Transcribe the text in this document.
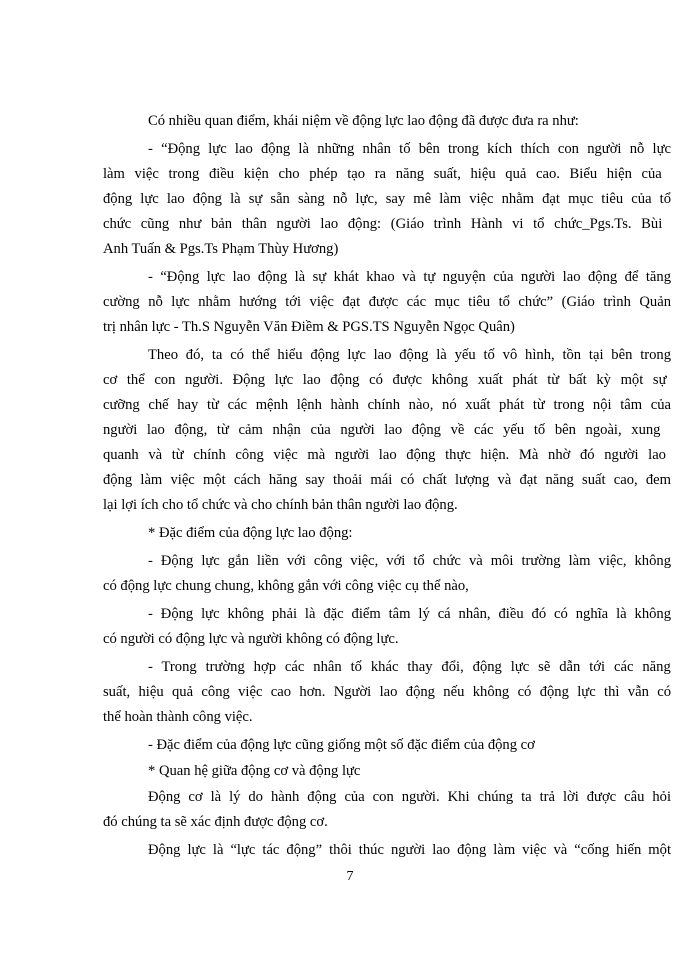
Có nhiều quan điểm, khái niệm về động lực lao động đã được đưa ra như:
- “Động lực lao động là những nhân tố bên trong kích thích con người nỗ lực
làm việc trong điều kiện cho phép tạo ra năng suất, hiệu quả cao. Biểu hiện của
động lực lao động là sự sẵn sàng nỗ lực, say mê làm việc nhằm đạt mục tiêu của tổ
chức cũng như bản thân người lao động: (Giáo trình Hành vi tổ chức_Pgs.Ts. Bùi
Anh Tuấn & Pgs.Ts Phạm Thùy Hương)
- “Động lực lao động là sự khát khao và tự nguyện của người lao động để tăng
cường nỗ lực nhằm hướng tới việc đạt được các mục tiêu tổ chức” (Giáo trình Quản
trị nhân lực - Th.S Nguyễn Văn Điềm & PGS.TS Nguyễn Ngọc Quân)
Theo đó, ta có thể hiểu động lực lao động là yếu tố vô hình, tồn tại bên trong
cơ thể con người. Động lực lao động có được không xuất phát từ bất kỳ một sự
cưỡng chế hay từ các mệnh lệnh hành chính nào, nó xuất phát từ trong nội tâm của
người lao động, từ cảm nhận của người lao động về các yếu tố bên ngoài, xung
quanh và từ chính công việc mà người lao động thực hiện. Mà nhờ đó người lao
động làm việc một cách hăng say thoải mái có chất lượng và đạt năng suất cao, đem
lại lợi ích cho tổ chức và cho chính bản thân người lao động.
* Đặc điểm của động lực lao động:
- Động lực gắn liền với công việc, với tổ chức và môi trường làm việc, không
có động lực chung chung, không gắn với công việc cụ thể nào,
- Động lực không phải là đặc điểm tâm lý cá nhân, điều đó có nghĩa là không
có người có động lực và người không có động lực.
- Trong trường hợp các nhân tố khác thay đổi, động lực sẽ dẫn tới các năng
suất, hiệu quả công việc cao hơn. Người lao động nếu không có động lực thì vẫn có
thể hoàn thành công việc.
- Đặc điểm của động lực cũng giống một số đặc điểm của động cơ
* Quan hệ giữa động cơ và động lực
Động cơ là lý do hành động của con người. Khi chúng ta trả lời được câu hỏi
đó chúng ta sẽ xác định được động cơ.
Động lực là “lực tác động” thôi thúc người lao động làm việc và “cống hiến một
7
